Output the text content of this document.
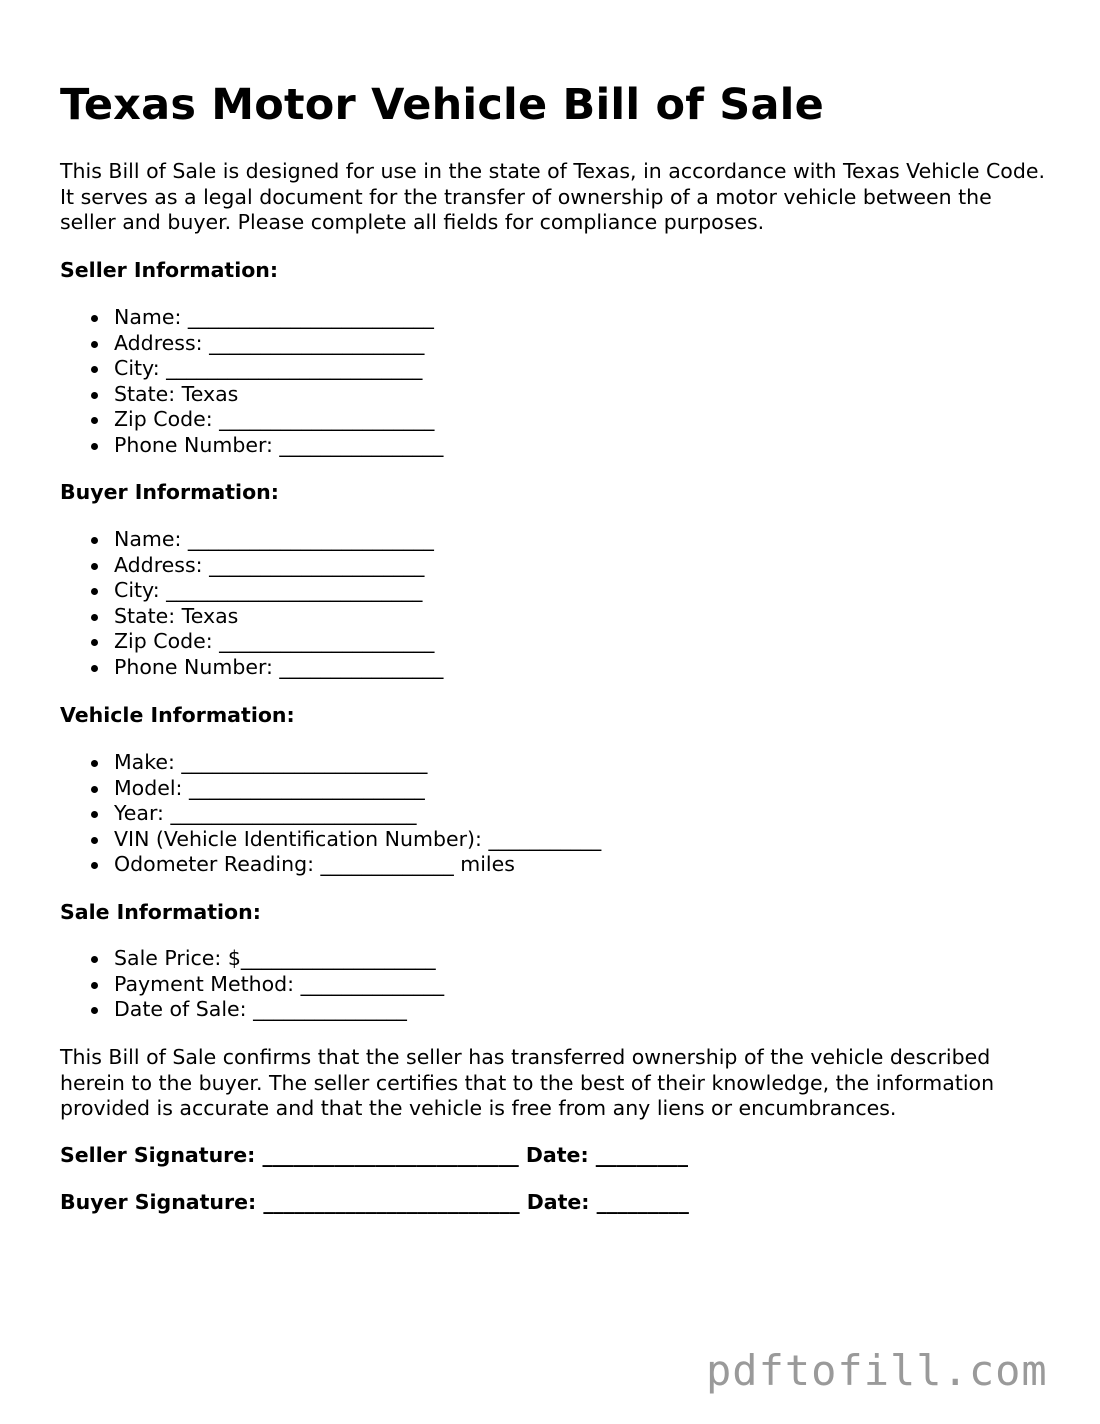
Texas Motor Vehicle Bill of Sale

This Bill of Sale is designed for use in the state of Texas, in accordance with Texas Vehicle Code. It serves as a legal document for the transfer of ownership of a motor vehicle between the seller and buyer. Please complete all fields for compliance purposes.

Seller Information:

Name: ________________________
Address: _____________________
City: _________________________
State: Texas
Zip Code: _____________________
Phone Number: ________________

Buyer Information:

Name: ________________________
Address: _____________________
City: _________________________
State: Texas
Zip Code: _____________________
Phone Number: ________________

Vehicle Information:

Make: ________________________
Model: _______________________
Year: ________________________
VIN (Vehicle Identification Number): ___________
Odometer Reading: _____________ miles

Sale Information:

Sale Price: $___________________
Payment Method: ______________
Date of Sale: _______________

This Bill of Sale confirms that the seller has transferred ownership of the vehicle described herein to the buyer. The seller certifies that to the best of their knowledge, the information provided is accurate and that the vehicle is free from any liens or encumbrances.

Seller Signature: _________________________ Date: _________

Buyer Signature: _________________________ Date: _________

pdftofill.com
